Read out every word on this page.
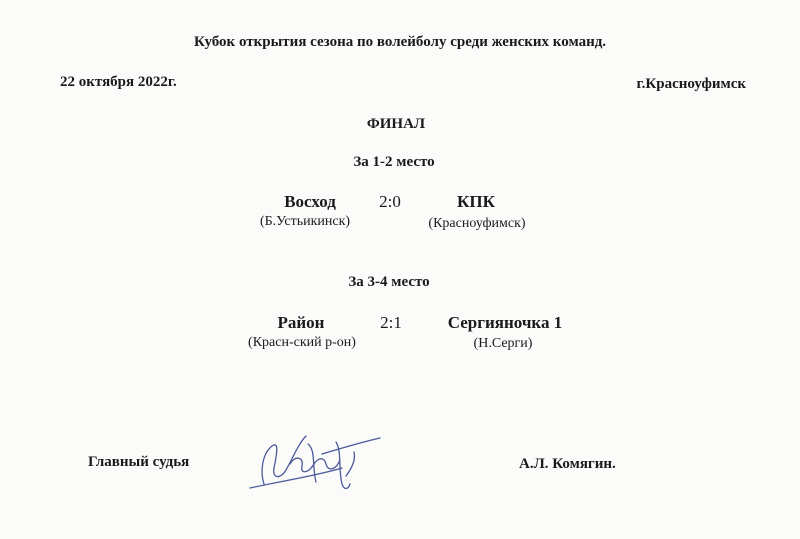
Кубок открытия сезона по волейболу среди женских команд.
22 октября 2022г.	г.Красноуфимск
ФИНАЛ
За 1-2 место
Восход
(Б.Устьикинск)
2:0	КПК
(Красноуфимск)
За 3-4 место
Район
(Красн-ский р-он)
2:1	Сергияночка 1
(Н.Серги)
Главный судья	А.Л. Комягин.
